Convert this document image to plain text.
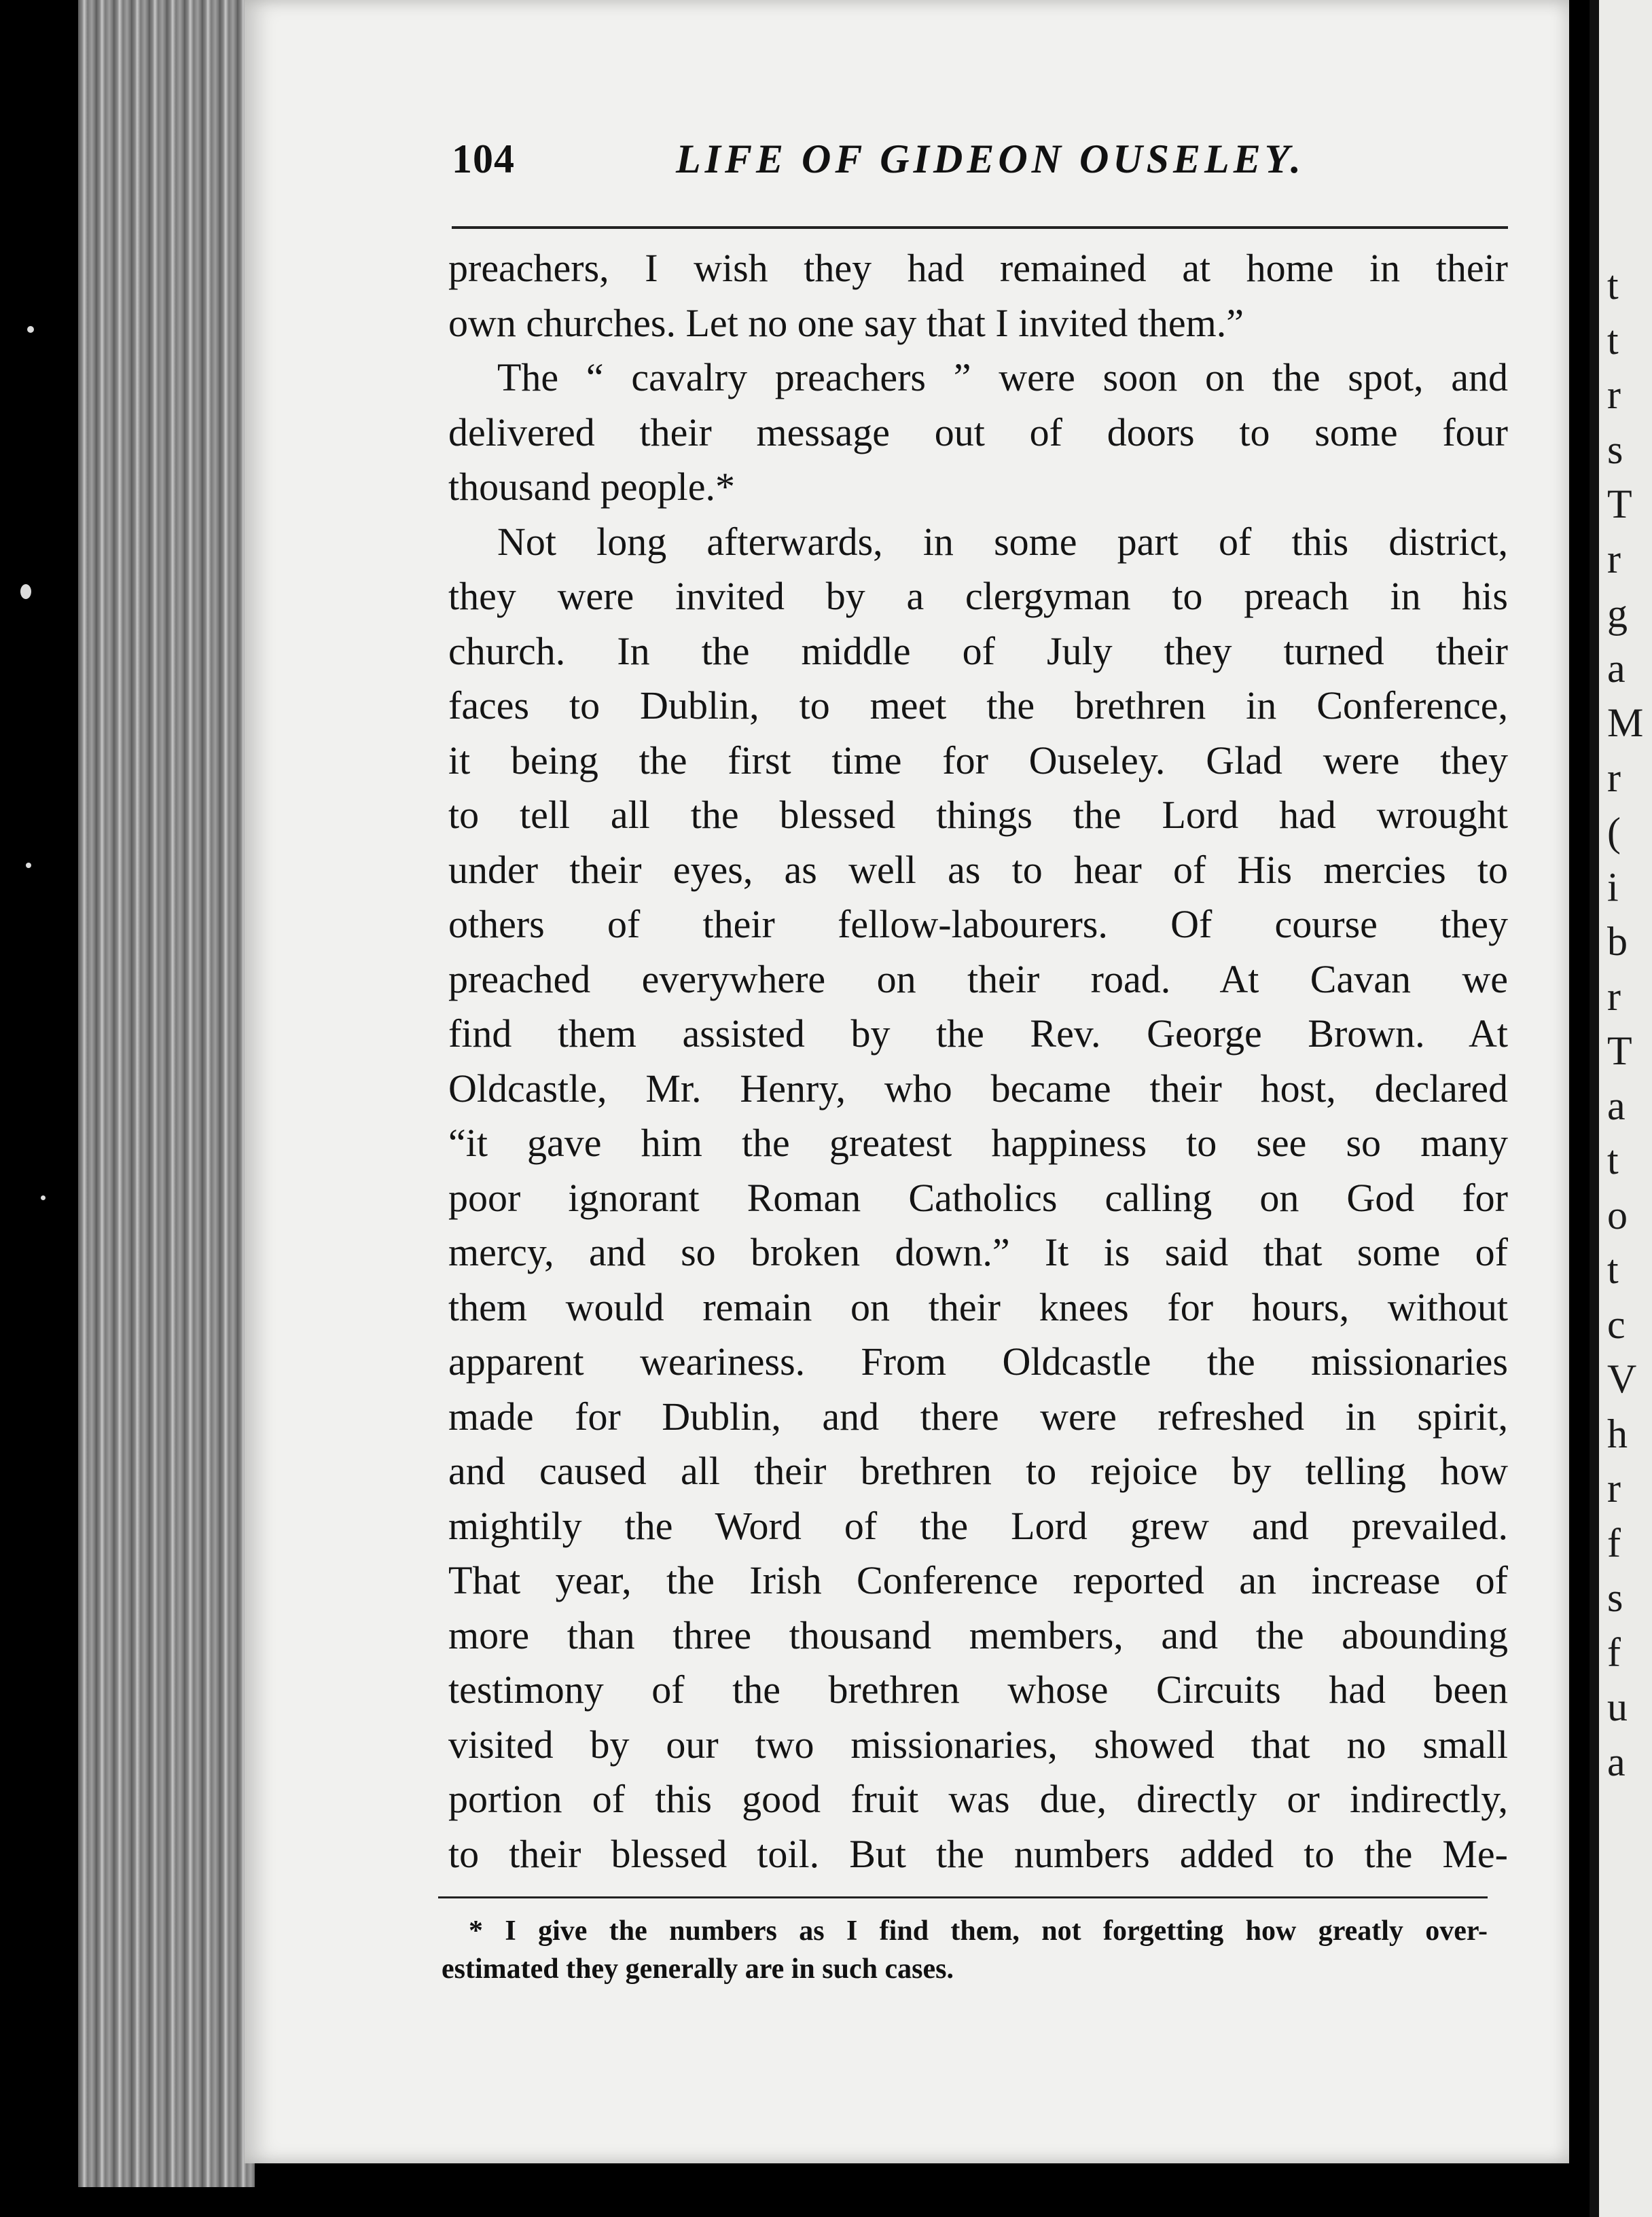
104	LIFE OF GIDEON OUSELEY.
preachers, I wish they had remained at home in their
own churches. Let no one say that I invited them.”
The “ cavalry preachers ” were soon on the spot, and
delivered their message out of doors to some four
thousand people.*
Not long afterwards, in some part of this district,
they were invited by a clergyman to preach in his
church. In the middle of July they turned their
faces to Dublin, to meet the brethren in Conference,
it being the first time for Ouseley. Glad were they
to tell all the blessed things the Lord had wrought
under their eyes, as well as to hear of His mercies to
others of their fellow-labourers. Of course they
preached everywhere on their road. At Cavan we
find them assisted by the Rev. George Brown. At
Oldcastle, Mr. Henry, who became their host, declared
“it gave him the greatest happiness to see so many
poor ignorant Roman Catholics calling on God for
mercy, and so broken down.” It is said that some of
them would remain on their knees for hours, without
apparent weariness. From Oldcastle the missionaries
made for Dublin, and there were refreshed in spirit,
and caused all their brethren to rejoice by telling how
mightily the Word of the Lord grew and prevailed.
That year, the Irish Conference reported an increase of
more than three thousand members, and the abounding
testimony of the brethren whose Circuits had been
visited by our two missionaries, showed that no small
portion of this good fruit was due, directly or indirectly,
to their blessed toil. But the numbers added to the Me-
* I give the numbers as I find them, not forgetting how greatly over-
estimated they generally are in such cases.
t
t
r
s
T
r
g
a
M
r
(
i
b
r
T
a
t
o
t
c
V
h
r
f
s
f
u
a
